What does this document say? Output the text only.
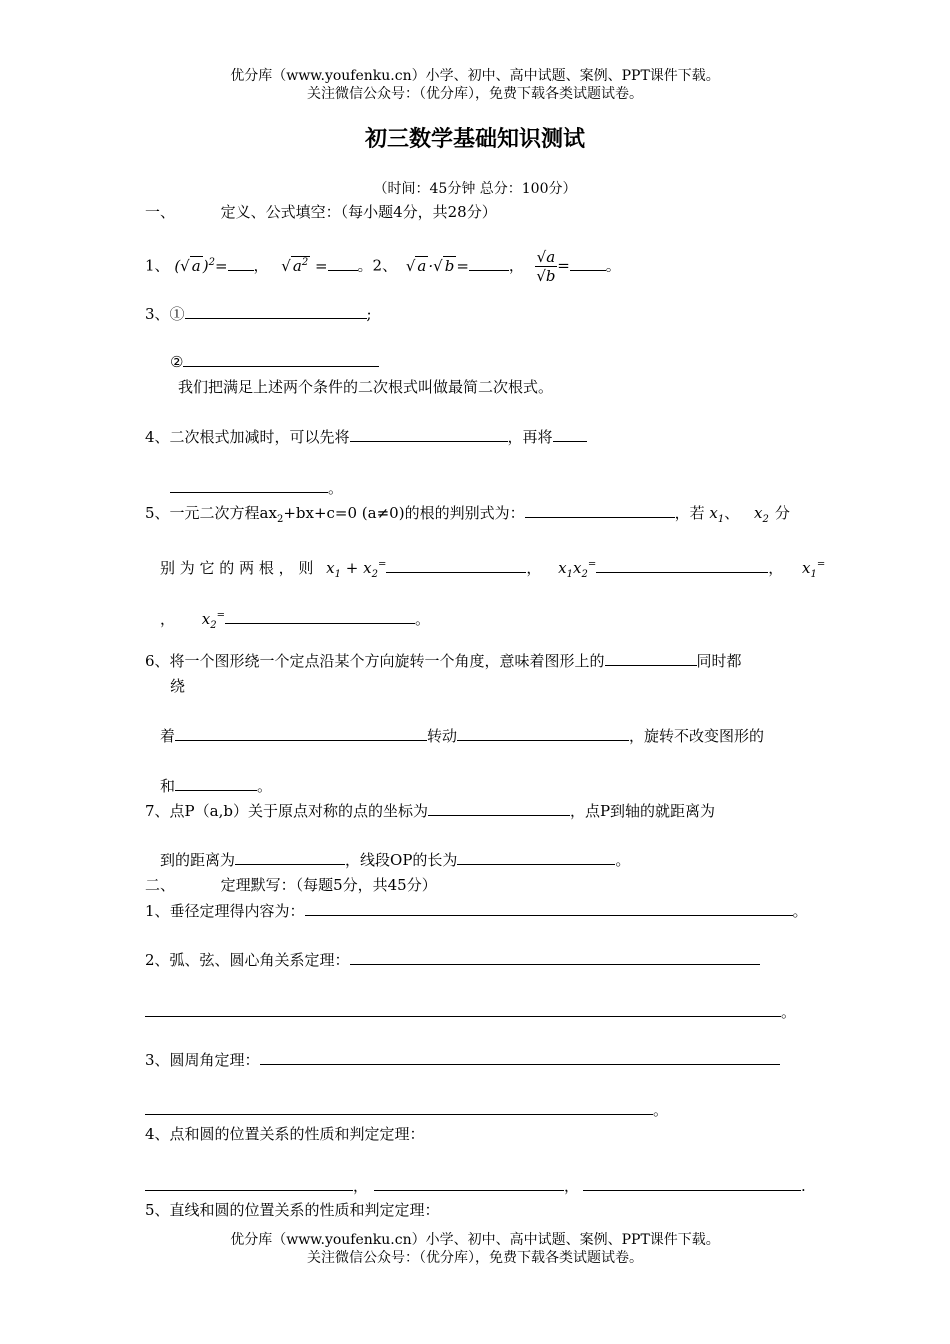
优分库（www.youfenku.cn）小学、初中、高中试题、案例、PPT课件下载。
关注微信公众号：（优分库），免费下载各类试题试卷。
初三数学基础知识测试
（时间：45分钟 总分：100分）
一、	定义、公式填空：（每小题4分，共28分）
1、 (√ a )$^2$= ， √ $a^2$ = 。2、 √ a ·√ b =	， $\frac{√a}{√b}$ = 。
3、①	;
②
我们把满足上述两个条件的二次根式叫做最简二次根式。
4、二次根式加减时，可以先将	，再将
。
5、一元二次方程$ax_2+bx+c=0$ (a≠0)的根的判别式为：	，若 $x_1$、 $x_2$ 分
别 为 它 的 两 根 ， 则 $x_1 + x_2^=$	， $x_1x_2^=$	， $x_1^=$
， $x_2^=$	。
6、将一个图形绕一个定点沿某个方向旋转一个角度，意味着图形上的	同时都
绕
着	转动	，旋转不改变图形的
和	。
7、点P（a,b）关于原点对称的点的坐标为	，点P到轴的就距离为
到的距离为	，线段OP的长为	。
二、	定理默写：（每题5分，共45分）
1、垂径定理得内容为：	。
2、弧、弦、圆心角关系定理：
。
3、圆周角定理：
。
4、点和圆的位置关系的性质和判定定理：
，	，	.
5、直线和圆的位置关系的性质和判定定理：
优分库（www.youfenku.cn）小学、初中、高中试题、案例、PPT课件下载。
关注微信公众号：（优分库），免费下载各类试题试卷。
